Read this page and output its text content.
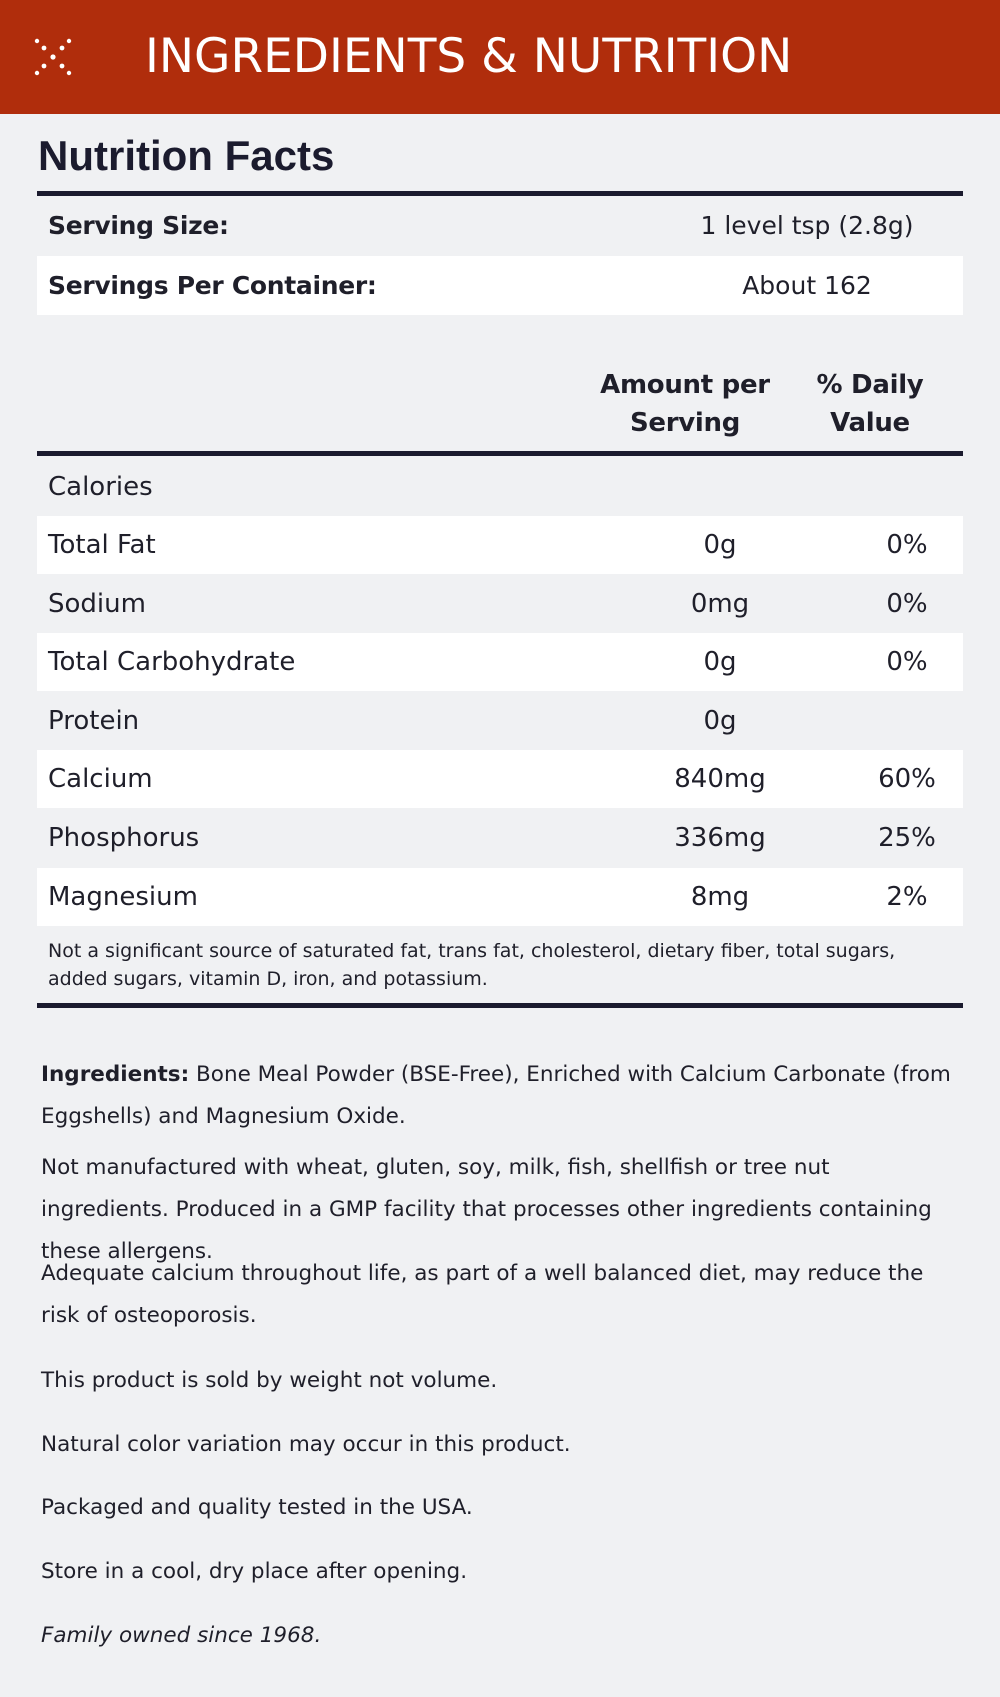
INGREDIENTS & NUTRITION
Nutrition Facts
Serving Size:	1 level tsp (2.8g)
Servings Per Container:	About 162
Amount per Serving
% Daily Value
Calories
Total Fat	0g	0%
Sodium	0mg	0%
Total Carbohydrate	0g	0%
Protein	0g
Calcium	840mg	60%
Phosphorus	336mg	25%
Magnesium	8mg	2%
Not a significant source of saturated fat, trans fat, cholesterol, dietary fiber, total sugars, added sugars, vitamin D, iron, and potassium.
Ingredients: Bone Meal Powder (BSE-Free), Enriched with Calcium Carbonate (from Eggshells) and Magnesium Oxide.
Not manufactured with wheat, gluten, soy, milk, fish, shellfish or tree nut ingredients. Produced in a GMP facility that processes other ingredients containing these allergens.
Adequate calcium throughout life, as part of a well balanced diet, may reduce the risk of osteoporosis.
This product is sold by weight not volume.
Natural color variation may occur in this product.
Packaged and quality tested in the USA.
Store in a cool, dry place after opening.
Family owned since 1968.
